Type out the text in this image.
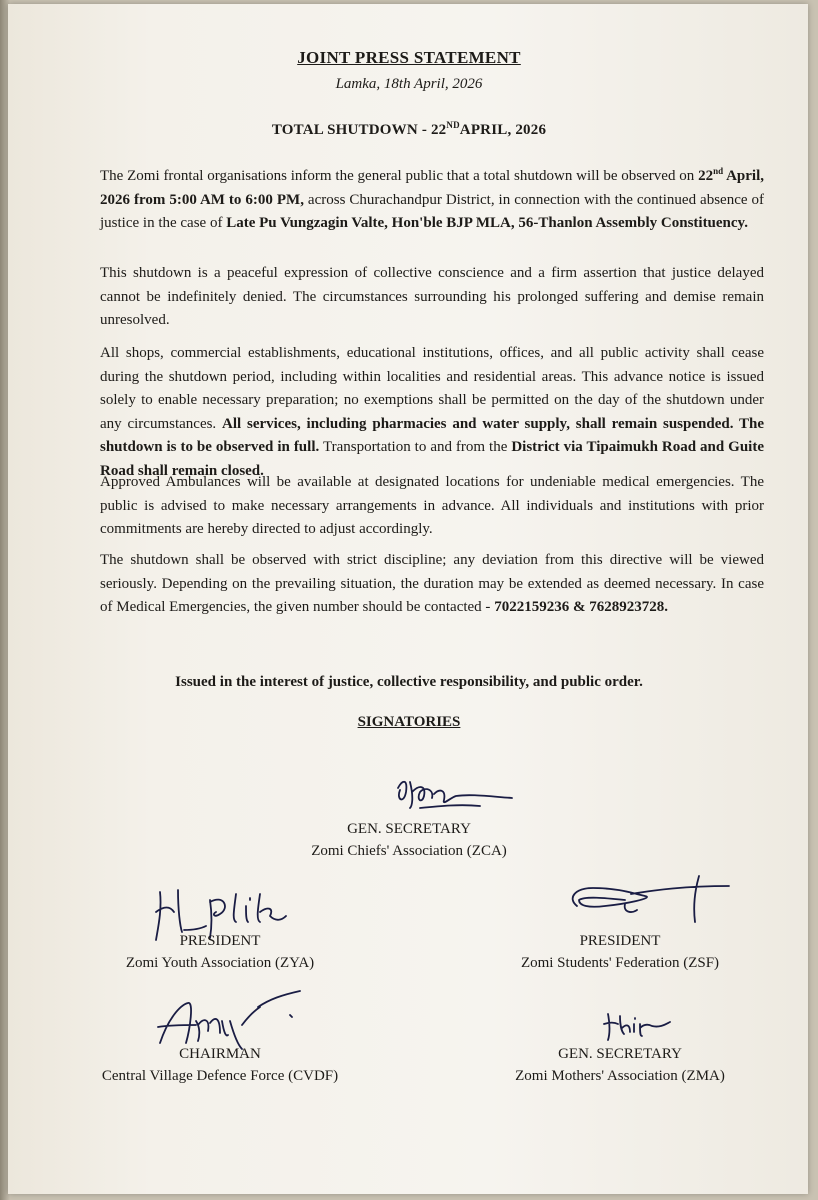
JOINT PRESS STATEMENT
Lamka, 18th April, 2026
TOTAL SHUTDOWN - 22NDAPRIL, 2026
The Zomi frontal organisations inform the general public that a total shutdown will be observed on 22nd April, 2026 from 5:00 AM to 6:00 PM, across Churachandpur District, in connection with the continued absence of justice in the case of Late Pu Vungzagin Valte, Hon'ble BJP MLA, 56-Thanlon Assembly Constituency.
This shutdown is a peaceful expression of collective conscience and a firm assertion that justice delayed cannot be indefinitely denied. The circumstances surrounding his prolonged suffering and demise remain unresolved.
All shops, commercial establishments, educational institutions, offices, and all public activity shall cease during the shutdown period, including within localities and residential areas. This advance notice is issued solely to enable necessary preparation; no exemptions shall be permitted on the day of the shutdown under any circumstances. All services, including pharmacies and water supply, shall remain suspended. The shutdown is to be observed in full. Transportation to and from the District via Tipaimukh Road and Guite Road shall remain closed.
Approved Ambulances will be available at designated locations for undeniable medical emergencies. The public is advised to make necessary arrangements in advance. All individuals and institutions with prior commitments are hereby directed to adjust accordingly.
The shutdown shall be observed with strict discipline; any deviation from this directive will be viewed seriously. Depending on the prevailing situation, the duration may be extended as deemed necessary. In case of Medical Emergencies, the given number should be contacted - 7022159236 & 7628923728.
Issued in the interest of justice, collective responsibility, and public order.
SIGNATORIES
GEN. SECRETARY
Zomi Chiefs' Association (ZCA)
PRESIDENT
Zomi Youth Association (ZYA)
PRESIDENT
Zomi Students' Federation (ZSF)
CHAIRMAN
Central Village Defence Force (CVDF)
GEN. SECRETARY
Zomi Mothers' Association (ZMA)
